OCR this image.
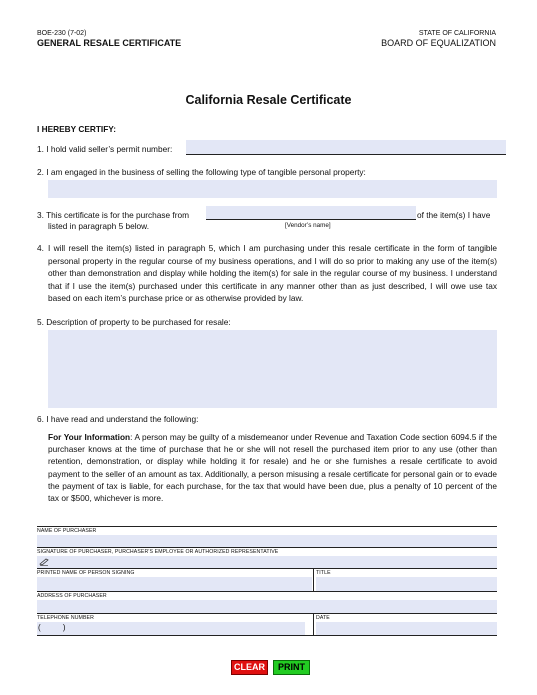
BOE-230 (7-02)
GENERAL RESALE CERTIFICATE
STATE OF CALIFORNIA
BOARD OF EQUALIZATION
California Resale Certificate
I HEREBY CERTIFY:
1. I hold valid seller’s permit number:
2. I am engaged in the business of selling the following type of tangible personal property:
3. This certificate is for the purchase from	of the item(s) I have
listed in paragraph 5 below.	[Vendor’s name]
4. I will resell the item(s) listed in paragraph 5, which I am purchasing under this resale certificate in the form of tangible personal property in the regular course of my business operations, and I will do so prior to making any use of the item(s) other than demonstration and display while holding the item(s) for sale in the regular course of my business. I understand that if I use the item(s) purchased under this certificate in any manner other than as just described, I will owe use tax based on each item’s purchase price or as otherwise provided by law.
5. Description of property to be purchased for resale:
6. I have read and understand the following:
For Your Information: A person may be guilty of a misdemeanor under Revenue and Taxation Code section 6094.5 if the purchaser knows at the time of purchase that he or she will not resell the purchased item prior to any use (other than retention, demonstration, or display while holding it for resale) and he or she furnishes a resale certificate to avoid payment to the seller of an amount as tax. Additionally, a person misusing a resale certificate for personal gain or to evade the payment of tax is liable, for each purchase, for the tax that would have been due, plus a penalty of 10 percent of the tax or $500, whichever is more.
NAME OF PURCHASER
SIGNATURE OF PURCHASER, PURCHASER’S EMPLOYEE OR AUTHORIZED REPRESENTATIVE
PRINTED NAME OF PERSON SIGNING	TITLE
ADDRESS OF PURCHASER
TELEPHONE NUMBER
(          )
DATE
CLEAR	PRINT
